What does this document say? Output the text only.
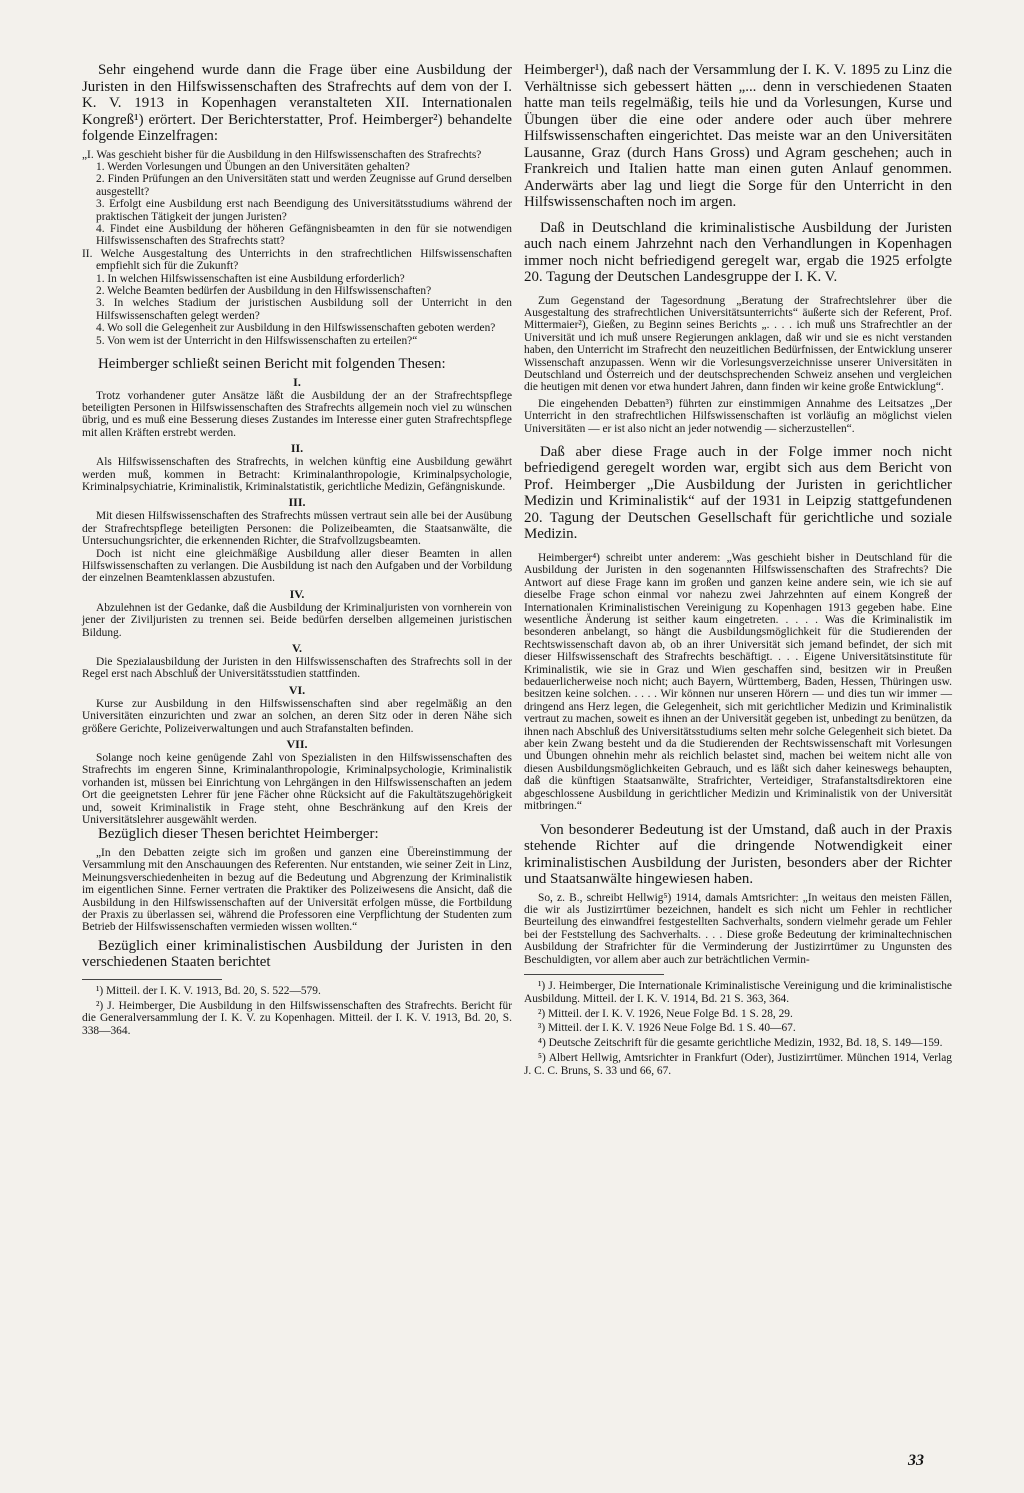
Sehr eingehend wurde dann die Frage über eine Ausbildung der Juristen in den Hilfswissenschaften des Strafrechts auf dem von der I. K. V. 1913 in Kopenhagen veranstalteten XII. Internationalen Kongreß¹) erörtert. Der Berichterstatter, Prof. Heimberger²) behandelte folgende Einzelfragen:

„I. Was geschieht bisher für die Ausbildung in den Hilfswissenschaften des Strafrechts?

1. Werden Vorlesungen und Übungen an den Universitäten gehalten?

2. Finden Prüfungen an den Universitäten statt und werden Zeugnisse auf Grund derselben ausgestellt?

3. Erfolgt eine Ausbildung erst nach Beendigung des Universitätsstudiums während der praktischen Tätigkeit der jungen Juristen?

4. Findet eine Ausbildung der höheren Gefängnisbeamten in den für sie notwendigen Hilfswissenschaften des Strafrechts statt?

II. Welche Ausgestaltung des Unterrichts in den strafrechtlichen Hilfswissenschaften empfiehlt sich für die Zukunft?

1. In welchen Hilfswissenschaften ist eine Ausbildung erforderlich?

2. Welche Beamten bedürfen der Ausbildung in den Hilfswissenschaften?

3. In welches Stadium der juristischen Ausbildung soll der Unterricht in den Hilfswissenschaften gelegt werden?

4. Wo soll die Gelegenheit zur Ausbildung in den Hilfswissenschaften geboten werden?

5. Von wem ist der Unterricht in den Hilfswissenschaften zu erteilen?“

Heimberger schließt seinen Bericht mit folgenden Thesen:

I.

Trotz vorhandener guter Ansätze läßt die Ausbildung der an der Strafrechtspflege beteiligten Personen in Hilfswissenschaften des Strafrechts allgemein noch viel zu wünschen übrig, und es muß eine Besserung dieses Zustandes im Interesse einer guten Strafrechtspflege mit allen Kräften erstrebt werden.

II.

Als Hilfswissenschaften des Strafrechts, in welchen künftig eine Ausbildung gewährt werden muß, kommen in Betracht: Kriminalanthropologie, Kriminalpsychologie, Kriminalpsychiatrie, Kriminalistik, Kriminalstatistik, gerichtliche Medizin, Gefängniskunde.

III.

Mit diesen Hilfswissenschaften des Strafrechts müssen vertraut sein alle bei der Ausübung der Strafrechtspflege beteiligten Personen: die Polizeibeamten, die Staatsanwälte, die Untersuchungsrichter, die erkennenden Richter, die Strafvollzugsbeamten.

Doch ist nicht eine gleichmäßige Ausbildung aller dieser Beamten in allen Hilfswissenschaften zu verlangen. Die Ausbildung ist nach den Aufgaben und der Vorbildung der einzelnen Beamtenklassen abzustufen.

IV.

Abzulehnen ist der Gedanke, daß die Ausbildung der Kriminaljuristen von vornherein von jener der Ziviljuristen zu trennen sei. Beide bedürfen derselben allgemeinen juristischen Bildung.

V.

Die Spezialausbildung der Juristen in den Hilfswissenschaften des Strafrechts soll in der Regel erst nach Abschluß der Universitätsstudien stattfinden.

VI.

Kurse zur Ausbildung in den Hilfswissenschaften sind aber regelmäßig an den Universitäten einzurichten und zwar an solchen, an deren Sitz oder in deren Nähe sich größere Gerichte, Polizeiverwaltungen und auch Strafanstalten befinden.

VII.

Solange noch keine genügende Zahl von Spezialisten in den Hilfswissenschaften des Strafrechts im engeren Sinne, Kriminalanthropologie, Kriminalpsychologie, Kriminalistik vorhanden ist, müssen bei Einrichtung von Lehrgängen in den Hilfswissenschaften an jedem Ort die geeignetsten Lehrer für jene Fächer ohne Rücksicht auf die Fakultätszugehörigkeit und, soweit Kriminalistik in Frage steht, ohne Beschränkung auf den Kreis der Universitätslehrer ausgewählt werden.

Bezüglich dieser Thesen berichtet Heimberger:

„In den Debatten zeigte sich im großen und ganzen eine Übereinstimmung der Versammlung mit den Anschauungen des Referenten. Nur entstanden, wie seiner Zeit in Linz, Meinungsverschiedenheiten in bezug auf die Bedeutung und Abgrenzung der Kriminalistik im eigentlichen Sinne. Ferner vertraten die Praktiker des Polizeiwesens die Ansicht, daß die Ausbildung in den Hilfswissenschaften auf der Universität erfolgen müsse, die Fortbildung der Praxis zu überlassen sei, während die Professoren eine Verpflichtung der Studenten zum Betrieb der Hilfswissenschaften vermieden wissen wollten.“

Bezüglich einer kriminalistischen Ausbildung der Juristen in den verschiedenen Staaten berichtet

¹) Mitteil. der I. K. V. 1913, Bd. 20, S. 522—579.

²) J. Heimberger, Die Ausbildung in den Hilfswissenschaften des Strafrechts. Bericht für die Generalversammlung der I. K. V. zu Kopenhagen. Mitteil. der I. K. V. 1913, Bd. 20, S. 338—364.

Heimberger¹), daß nach der Versammlung der I. K. V. 1895 zu Linz die Verhältnisse sich gebessert hätten „... denn in verschiedenen Staaten hatte man teils regelmäßig, teils hie und da Vorlesungen, Kurse und Übungen über die eine oder andere oder auch über mehrere Hilfswissenschaften eingerichtet. Das meiste war an den Universitäten Lausanne, Graz (durch Hans Gross) und Agram geschehen; auch in Frankreich und Italien hatte man einen guten Anlauf genommen. Anderwärts aber lag und liegt die Sorge für den Unterricht in den Hilfswissenschaften noch im argen.

Daß in Deutschland die kriminalistische Ausbildung der Juristen auch nach einem Jahrzehnt nach den Verhandlungen in Kopenhagen immer noch nicht befriedigend geregelt war, ergab die 1925 erfolgte 20. Tagung der Deutschen Landesgruppe der I. K. V.

Zum Gegenstand der Tagesordnung „Beratung der Strafrechtslehrer über die Ausgestaltung des strafrechtlichen Universitätsunterrichts“ äußerte sich der Referent, Prof. Mittermaier²), Gießen, zu Beginn seines Berichts „. . . . ich muß uns Strafrechtler an der Universität und ich muß unsere Regierungen anklagen, daß wir und sie es nicht verstanden haben, den Unterricht im Strafrecht den neuzeitlichen Bedürfnissen, der Entwicklung unserer Wissenschaft anzupassen. Wenn wir die Vorlesungsverzeichnisse unserer Universitäten in Deutschland und Österreich und der deutschsprechenden Schweiz ansehen und vergleichen die heutigen mit denen vor etwa hundert Jahren, dann finden wir keine große Entwicklung“.

Die eingehenden Debatten³) führten zur einstimmigen Annahme des Leitsatzes „Der Unterricht in den strafrechtlichen Hilfswissenschaften ist vorläufig an möglichst vielen Universitäten — er ist also nicht an jeder notwendig — sicherzustellen“.

Daß aber diese Frage auch in der Folge immer noch nicht befriedigend geregelt worden war, ergibt sich aus dem Bericht von Prof. Heimberger „Die Ausbildung der Juristen in gerichtlicher Medizin und Kriminalistik“ auf der 1931 in Leipzig stattgefundenen 20. Tagung der Deutschen Gesellschaft für gerichtliche und soziale Medizin.

Heimberger⁴) schreibt unter anderem: „Was geschieht bisher in Deutschland für die Ausbildung der Juristen in den sogenannten Hilfswissenschaften des Strafrechts? Die Antwort auf diese Frage kann im großen und ganzen keine andere sein, wie ich sie auf dieselbe Frage schon einmal vor nahezu zwei Jahrzehnten auf einem Kongreß der Internationalen Kriminalistischen Vereinigung zu Kopenhagen 1913 gegeben habe. Eine wesentliche Änderung ist seither kaum eingetreten. . . . . Was die Kriminalistik im besonderen anbelangt, so hängt die Ausbildungsmöglichkeit für die Studierenden der Rechtswissenschaft davon ab, ob an ihrer Universität sich jemand befindet, der sich mit dieser Hilfswissenschaft des Strafrechts beschäftigt. . . . Eigene Universitätsinstitute für Kriminalistik, wie sie in Graz und Wien geschaffen sind, besitzen wir in Preußen bedauerlicherweise noch nicht; auch Bayern, Württemberg, Baden, Hessen, Thüringen usw. besitzen keine solchen. . . . . Wir können nur unseren Hörern — und dies tun wir immer — dringend ans Herz legen, die Gelegenheit, sich mit gerichtlicher Medizin und Kriminalistik vertraut zu machen, soweit es ihnen an der Universität gegeben ist, unbedingt zu benützen, da ihnen nach Abschluß des Universitätsstudiums selten mehr solche Gelegenheit sich bietet. Da aber kein Zwang besteht und da die Studierenden der Rechtswissenschaft mit Vorlesungen und Übungen ohnehin mehr als reichlich belastet sind, machen bei weitem nicht alle von diesen Ausbildungsmöglichkeiten Gebrauch, und es läßt sich daher keineswegs behaupten, daß die künftigen Staatsanwälte, Strafrichter, Verteidiger, Strafanstaltsdirektoren eine abgeschlossene Ausbildung in gerichtlicher Medizin und Kriminalistik von der Universität mitbringen.“

Von besonderer Bedeutung ist der Umstand, daß auch in der Praxis stehende Richter auf die dringende Notwendigkeit einer kriminalistischen Ausbildung der Juristen, besonders aber der Richter und Staatsanwälte hingewiesen haben.

So, z. B., schreibt Hellwig⁵) 1914, damals Amtsrichter: „In weitaus den meisten Fällen, die wir als Justizirrtümer bezeichnen, handelt es sich nicht um Fehler in rechtlicher Beurteilung des einwandfrei festgestellten Sachverhalts, sondern vielmehr gerade um Fehler bei der Feststellung des Sachverhalts. . . . Diese große Bedeutung der kriminaltechnischen Ausbildung der Strafrichter für die Verminderung der Justizirrtümer zu Ungunsten des Beschuldigten, vor allem aber auch zur beträchtlichen Vermin-

¹) J. Heimberger, Die Internationale Kriminalistische Vereinigung und die kriminalistische Ausbildung. Mitteil. der I. K. V. 1914, Bd. 21 S. 363, 364.

²) Mitteil. der I. K. V. 1926, Neue Folge Bd. 1 S. 28, 29.

³) Mitteil. der I. K. V. 1926 Neue Folge Bd. 1 S. 40—67.

⁴) Deutsche Zeitschrift für die gesamte gerichtliche Medizin, 1932, Bd. 18, S. 149—159.

⁵) Albert Hellwig, Amtsrichter in Frankfurt (Oder), Justizirrtümer. München 1914, Verlag J. C. C. Bruns, S. 33 und 66, 67.

33
